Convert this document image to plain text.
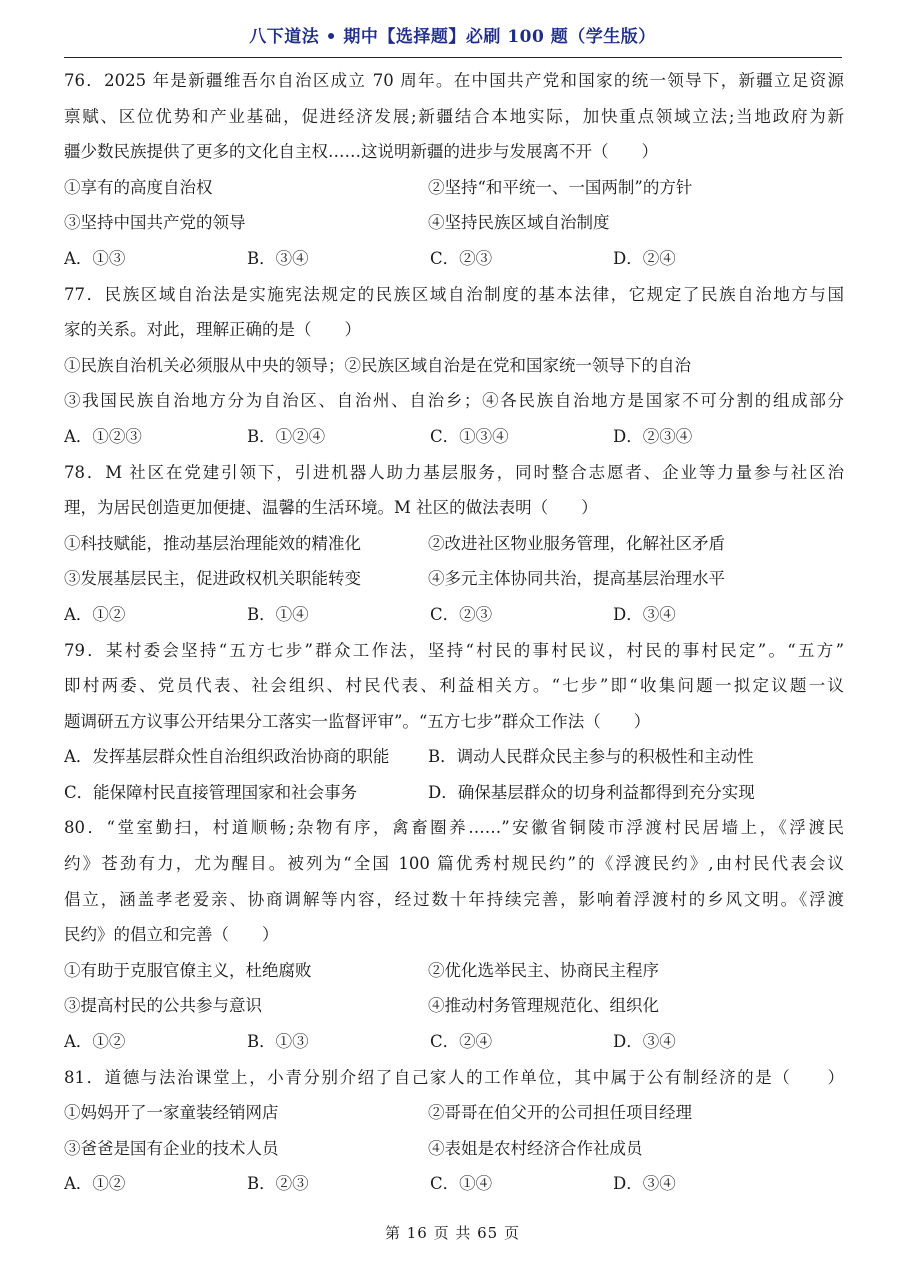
八下道法 • 期中【选择题】必刷 100 题（学生版）
76．2025 年是新疆维吾尔自治区成立 70 周年。在中国共产党和国家的统一领导下，新疆立足资源
禀赋、区位优势和产业基础，促进经济发展;新疆结合本地实际，加快重点领域立法;当地政府为新
疆少数民族提供了更多的文化自主权……这说明新疆的进步与发展离不开（　　）
①享有的高度自治权	②坚持“和平统一、一国两制”的方针
③坚持中国共产党的领导	④坚持民族区域自治制度
A．①③	B．③④	C．②③	D．②④
77．民族区域自治法是实施宪法规定的民族区域自治制度的基本法律，它规定了民族自治地方与国
家的关系。对此，理解正确的是（　　）
①民族自治机关必须服从中央的领导；②民族区域自治是在党和国家统一领导下的自治
③我国民族自治地方分为自治区、自治州、自治乡；④各民族自治地方是国家不可分割的组成部分
A．①②③	B．①②④	C．①③④	D．②③④
78．M 社区在党建引领下，引进机器人助力基层服务，同时整合志愿者、企业等力量参与社区治
理，为居民创造更加便捷、温馨的生活环境。M 社区的做法表明（　　）
①科技赋能，推动基层治理能效的精准化	②改进社区物业服务管理，化解社区矛盾
③发展基层民主，促进政权机关职能转变	④多元主体协同共治，提高基层治理水平
A．①②	B．①④	C．②③	D．③④
79．某村委会坚持“五方七步”群众工作法，坚持“村民的事村民议，村民的事村民定”。“五方”
即村两委、党员代表、社会组织、村民代表、利益相关方。“七步”即“收集问题一拟定议题一议
题调研五方议事公开结果分工落实一监督评审”。“五方七步”群众工作法（　　）
A．发挥基层群众性自治组织政治协商的职能	B．调动人民群众民主参与的积极性和主动性
C．能保障村民直接管理国家和社会事务	D．确保基层群众的切身利益都得到充分实现
80．“堂室勤扫，村道顺畅;杂物有序，禽畜圈养……”安徽省铜陵市浮渡村民居墙上，《浮渡民
约》苍劲有力，尤为醒目。被列为“全国 100 篇优秀村规民约”的《浮渡民约》,由村民代表会议
倡立，涵盖孝老爱亲、协商调解等内容，经过数十年持续完善，影响着浮渡村的乡风文明。《浮渡
民约》的倡立和完善（　　）
①有助于克服官僚主义，杜绝腐败	②优化选举民主、协商民主程序
③提高村民的公共参与意识	④推动村务管理规范化、组织化
A．①②	B．①③	C．②④	D．③④
81．道德与法治课堂上，小青分别介绍了自己家人的工作单位，其中属于公有制经济的是（　　）
①妈妈开了一家童装经销网店	②哥哥在伯父开的公司担任项目经理
③爸爸是国有企业的技术人员	④表姐是农村经济合作社成员
A．①②	B．②③	C．①④	D．③④
第 16 页 共 65 页
